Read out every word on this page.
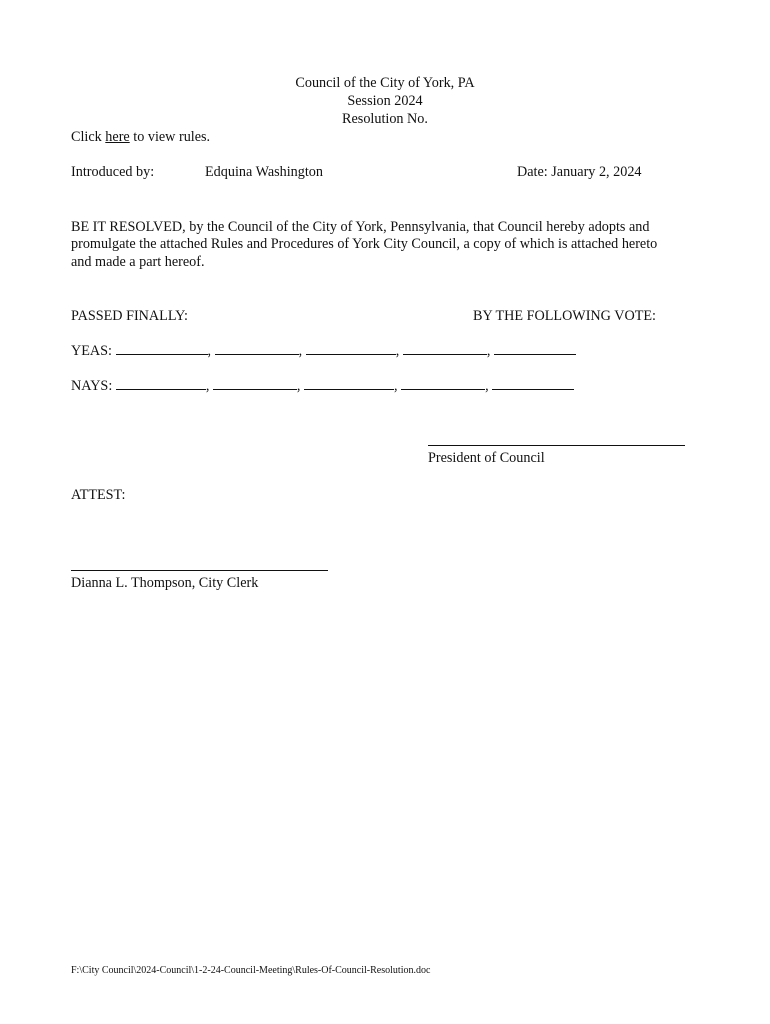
Council of the City of York, PA
Session 2024
Resolution No.
Click here to view rules.
Introduced by:	Edquina Washington	Date: January 2, 2024
BE IT RESOLVED, by the Council of the City of York, Pennsylvania, that Council hereby adopts and
promulgate the attached Rules and Procedures of York City Council, a copy of which is attached hereto
and made a part hereof.
PASSED FINALLY:	BY THE FOLLOWING VOTE:
YEAS:	,	,	,	,
NAYS:	,	,	,	,
President of Council
ATTEST:
Dianna L. Thompson, City Clerk
F:\City Council\2024-Council\1-2-24-Council-Meeting\Rules-Of-Council-Resolution.doc
